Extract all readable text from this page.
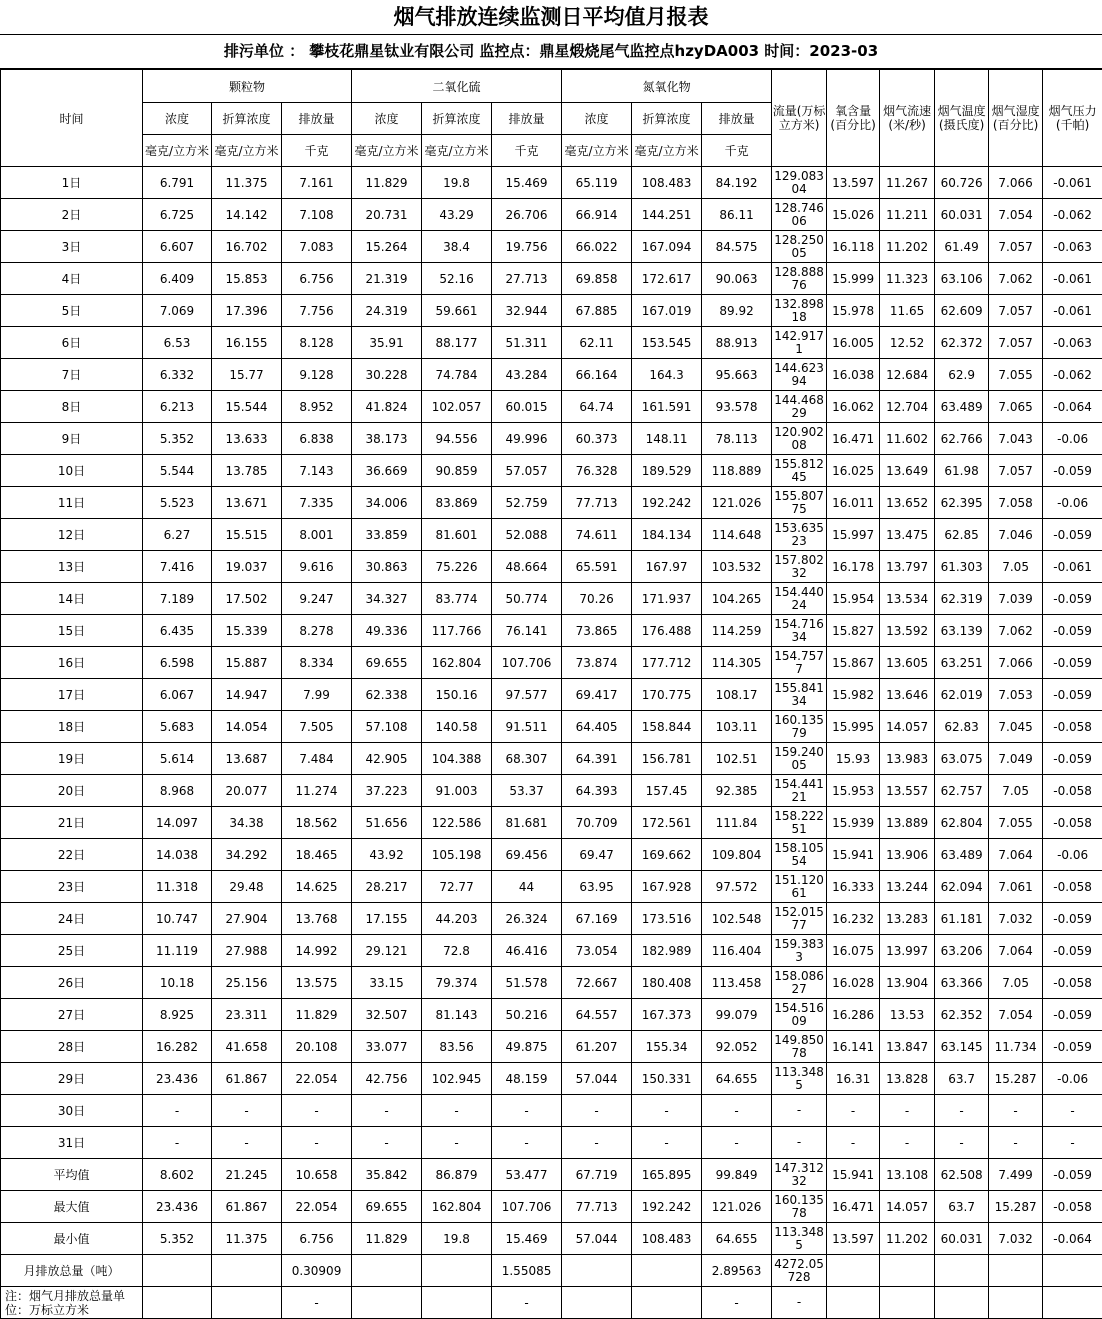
烟气排放连续监测日平均值月报表
排污单位 ： 攀枝花鼎星钛业有限公司 监控点：鼎星煅烧尾气监控点hzyDA003 时间：2023-03
时间	颗粒物			二氧化硫			氮氧化物			流量(万标立方米)	氧含量(百分比)	烟气流速(米/秒)	烟气温度(摄氏度)	烟气湿度(百分比)	烟气压力(千帕)
	浓度	折算浓度	排放量	浓度	折算浓度	排放量	浓度	折算浓度	排放量						
	毫克/立方米	毫克/立方米	千克	毫克/立方米	毫克/立方米	千克	毫克/立方米	毫克/立方米	千克						
1日	6.791	11.375	7.161	11.829	19.8	15.469	65.119	108.483	84.192	129.08304	13.597	11.267	60.726	7.066	-0.061
2日	6.725	14.142	7.108	20.731	43.29	26.706	66.914	144.251	86.11	128.74606	15.026	11.211	60.031	7.054	-0.062
3日	6.607	16.702	7.083	15.264	38.4	19.756	66.022	167.094	84.575	128.25005	16.118	11.202	61.49	7.057	-0.063
4日	6.409	15.853	6.756	21.319	52.16	27.713	69.858	172.617	90.063	128.88876	15.999	11.323	63.106	7.062	-0.061
5日	7.069	17.396	7.756	24.319	59.661	32.944	67.885	167.019	89.92	132.89818	15.978	11.65	62.609	7.057	-0.061
6日	6.53	16.155	8.128	35.91	88.177	51.311	62.11	153.545	88.913	142.9171	16.005	12.52	62.372	7.057	-0.063
7日	6.332	15.77	9.128	30.228	74.784	43.284	66.164	164.3	95.663	144.62394	16.038	12.684	62.9	7.055	-0.062
8日	6.213	15.544	8.952	41.824	102.057	60.015	64.74	161.591	93.578	144.46829	16.062	12.704	63.489	7.065	-0.064
9日	5.352	13.633	6.838	38.173	94.556	49.996	60.373	148.11	78.113	120.90208	16.471	11.602	62.766	7.043	-0.06
10日	5.544	13.785	7.143	36.669	90.859	57.057	76.328	189.529	118.889	155.81245	16.025	13.649	61.98	7.057	-0.059
11日	5.523	13.671	7.335	34.006	83.869	52.759	77.713	192.242	121.026	155.80775	16.011	13.652	62.395	7.058	-0.06
12日	6.27	15.515	8.001	33.859	81.601	52.088	74.611	184.134	114.648	153.63523	15.997	13.475	62.85	7.046	-0.059
13日	7.416	19.037	9.616	30.863	75.226	48.664	65.591	167.97	103.532	157.80232	16.178	13.797	61.303	7.05	-0.061
14日	7.189	17.502	9.247	34.327	83.774	50.774	70.26	171.937	104.265	154.44024	15.954	13.534	62.319	7.039	-0.059
15日	6.435	15.339	8.278	49.336	117.766	76.141	73.865	176.488	114.259	154.71634	15.827	13.592	63.139	7.062	-0.059
16日	6.598	15.887	8.334	69.655	162.804	107.706	73.874	177.712	114.305	154.7577	15.867	13.605	63.251	7.066	-0.059
17日	6.067	14.947	7.99	62.338	150.16	97.577	69.417	170.775	108.17	155.84134	15.982	13.646	62.019	7.053	-0.059
18日	5.683	14.054	7.505	57.108	140.58	91.511	64.405	158.844	103.11	160.13579	15.995	14.057	62.83	7.045	-0.058
19日	5.614	13.687	7.484	42.905	104.388	68.307	64.391	156.781	102.51	159.24005	15.93	13.983	63.075	7.049	-0.059
20日	8.968	20.077	11.274	37.223	91.003	53.37	64.393	157.45	92.385	154.44121	15.953	13.557	62.757	7.05	-0.058
21日	14.097	34.38	18.562	51.656	122.586	81.681	70.709	172.561	111.84	158.22251	15.939	13.889	62.804	7.055	-0.058
22日	14.038	34.292	18.465	43.92	105.198	69.456	69.47	169.662	109.804	158.10554	15.941	13.906	63.489	7.064	-0.06
23日	11.318	29.48	14.625	28.217	72.77	44	63.95	167.928	97.572	151.12061	16.333	13.244	62.094	7.061	-0.058
24日	10.747	27.904	13.768	17.155	44.203	26.324	67.169	173.516	102.548	152.01577	16.232	13.283	61.181	7.032	-0.059
25日	11.119	27.988	14.992	29.121	72.8	46.416	73.054	182.989	116.404	159.3833	16.075	13.997	63.206	7.064	-0.059
26日	10.18	25.156	13.575	33.15	79.374	51.578	72.667	180.408	113.458	158.08627	16.028	13.904	63.366	7.05	-0.058
27日	8.925	23.311	11.829	32.507	81.143	50.216	64.557	167.373	99.079	154.51609	16.286	13.53	62.352	7.054	-0.059
28日	16.282	41.658	20.108	33.077	83.56	49.875	61.207	155.34	92.052	149.85078	16.141	13.847	63.145	11.734	-0.059
29日	23.436	61.867	22.054	42.756	102.945	48.159	57.044	150.331	64.655	113.3485	16.31	13.828	63.7	15.287	-0.06
30日	-	-	-	-	-	-	-	-	-	-	-	-	-	-	-
31日	-	-	-	-	-	-	-	-	-	-	-	-	-	-	-
平均值	8.602	21.245	10.658	35.842	86.879	53.477	67.719	165.895	99.849	147.31232	15.941	13.108	62.508	7.499	-0.059
最大值	23.436	61.867	22.054	69.655	162.804	107.706	77.713	192.242	121.026	160.13578	16.471	14.057	63.7	15.287	-0.058
最小值	5.352	11.375	6.756	11.829	19.8	15.469	57.044	108.483	64.655	113.3485	13.597	11.202	60.031	7.032	-0.064
月排放总量（吨）			0.30909			1.55085			2.89563	4272.05728					
注：烟气月排放总量单位：万标立方米			-			-			-	-					
